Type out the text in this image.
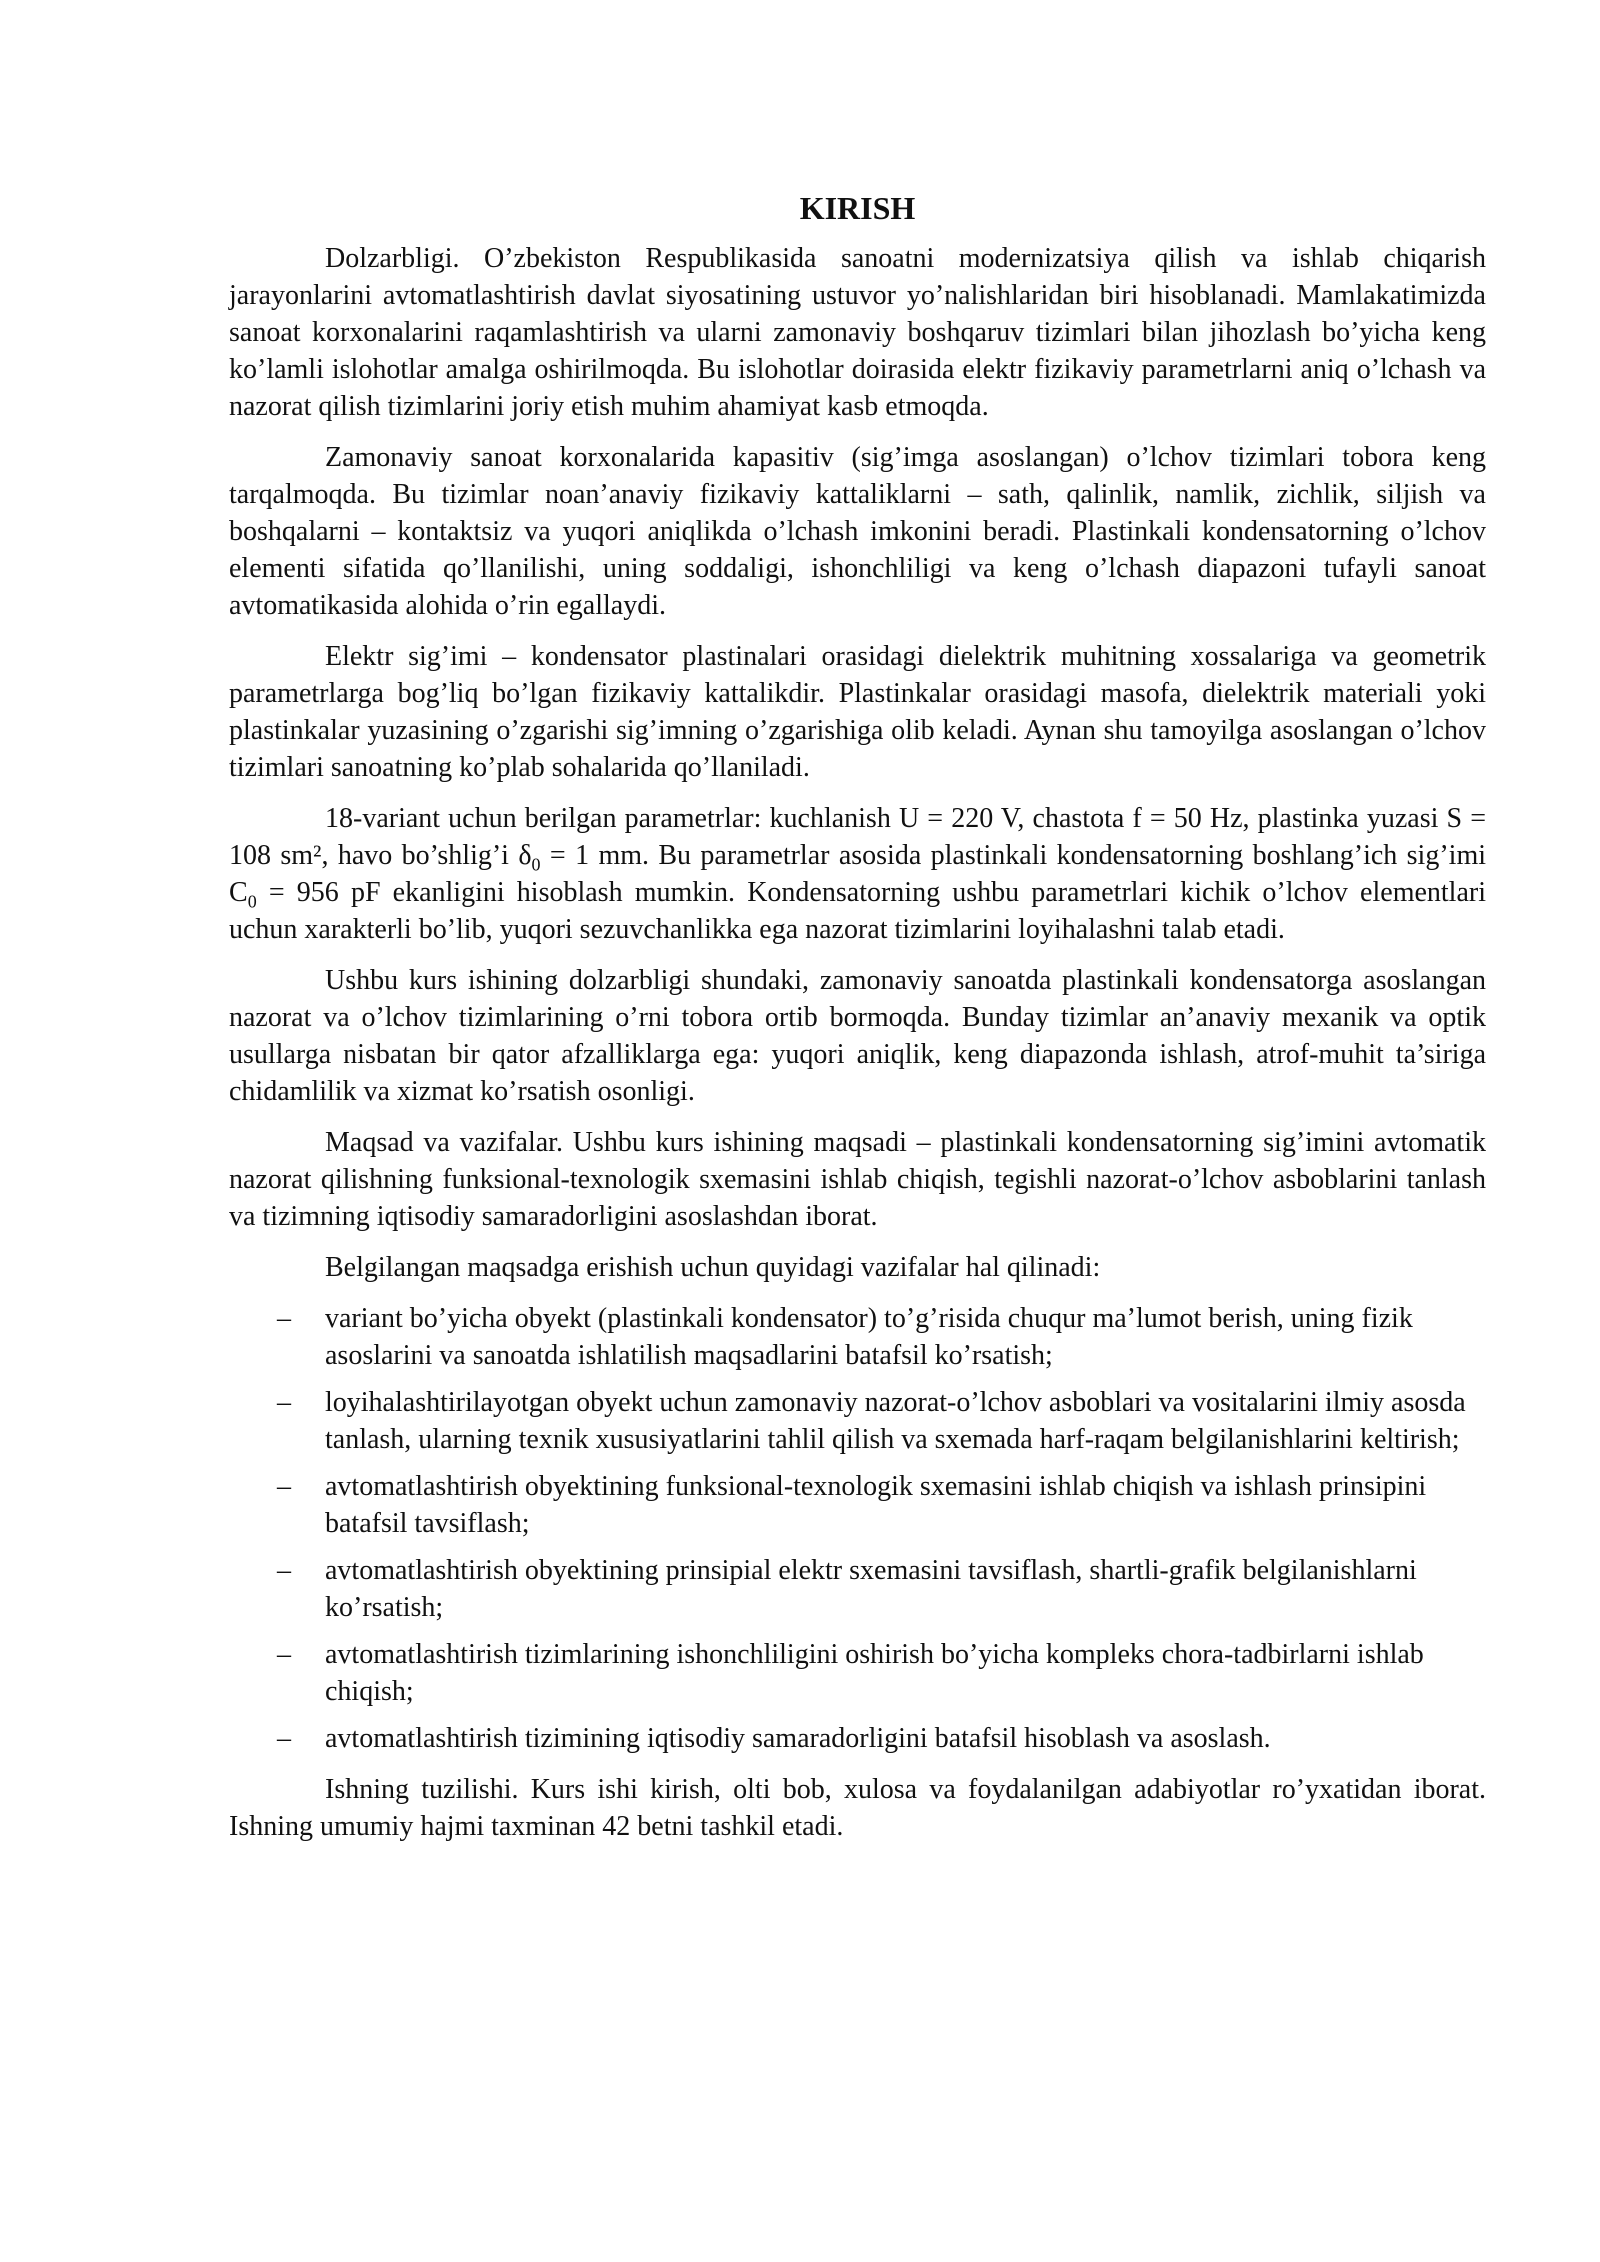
KIRISH

Dolzarbligi. O’zbekiston Respublikasida sanoatni modernizatsiya qilish va ishlab chiqarish jarayonlarini avtomatlashtirish davlat siyosatining ustuvor yo’nalishlaridan biri hisoblanadi. Mamlakatimizda sanoat korxonalarini raqamlashtirish va ularni zamonaviy boshqaruv tizimlari bilan jihozlash bo’yicha keng ko’lamli islohotlar amalga oshirilmoqda. Bu islohotlar doirasida elektr fizikaviy parametrlarni aniq o’lchash va nazorat qilish tizimlarini joriy etish muhim ahamiyat kasb etmoqda.

Zamonaviy sanoat korxonalarida kapasitiv (sig’imga asoslangan) o’lchov tizimlari tobora keng tarqalmoqda. Bu tizimlar noan’anaviy fizikaviy kattaliklarni – sath, qalinlik, namlik, zichlik, siljish va boshqalarni – kontaktsiz va yuqori aniqlikda o’lchash imkonini beradi. Plastinkali kondensatorning o’lchov elementi sifatida qo’llanilishi, uning soddaligi, ishonchliligi va keng o’lchash diapazoni tufayli sanoat avtomatikasida alohida o’rin egallaydi.

Elektr sig’imi – kondensator plastinalari orasidagi dielektrik muhitning xossalariga va geometrik parametrlarga bog’liq bo’lgan fizikaviy kattalikdir. Plastinkalar orasidagi masofa, dielektrik materiali yoki plastinkalar yuzasining o’zgarishi sig’imning o’zgarishiga olib keladi. Aynan shu tamoyilga asoslangan o’lchov tizimlari sanoatning ko’plab sohalarida qo’llaniladi.

18-variant uchun berilgan parametrlar: kuchlanish U = 220 V, chastota f = 50 Hz, plastinka yuzasi S = 108 sm², havo bo’shlig’i $\delta_0 = 1$ mm. Bu parametrlar asosida plastinkali kondensatorning boshlang’ich sig’imi $C_0 = 956$ pF ekanligini hisoblash mumkin. Kondensatorning ushbu parametrlari kichik o’lchov elementlari uchun xarakterli bo’lib, yuqori sezuvchanlikka ega nazorat tizimlarini loyihalashni talab etadi.

Ushbu kurs ishining dolzarbligi shundaki, zamonaviy sanoatda plastinkali kondensatorga asoslangan nazorat va o’lchov tizimlarining o’rni tobora ortib bormoqda. Bunday tizimlar an’anaviy mexanik va optik usullarga nisbatan bir qator afzalliklarga ega: yuqori aniqlik, keng diapazonda ishlash, atrof-muhit ta’siriga chidamlilik va xizmat ko’rsatish osonligi.

Maqsad va vazifalar. Ushbu kurs ishining maqsadi – plastinkali kondensatorning sig’imini avtomatik nazorat qilishning funksional-texnologik sxemasini ishlab chiqish, tegishli nazorat-o’lchov asboblarini tanlash va tizimning iqtisodiy samaradorligini asoslashdan iborat.

Belgilangan maqsadga erishish uchun quyidagi vazifalar hal qilinadi:

–	variant bo’yicha obyekt (plastinkali kondensator) to’g’risida chuqur ma’lumot berish, uning fizik asoslarini va sanoatda ishlatilish maqsadlarini batafsil ko’rsatish;
–	loyihalashtirilayotgan obyekt uchun zamonaviy nazorat-o’lchov asboblari va vositalarini ilmiy asosda tanlash, ularning texnik xususiyatlarini tahlil qilish va sxemada harf-raqam belgilanishlarini keltirish;
–	avtomatlashtirish obyektining funksional-texnologik sxemasini ishlab chiqish va ishlash prinsipini batafsil tavsiflash;
–	avtomatlashtirish obyektining prinsipial elektr sxemasini tavsiflash, shartli-grafik belgilanishlarni ko’rsatish;
–	avtomatlashtirish tizimlarining ishonchliligini oshirish bo’yicha kompleks chora-tadbirlarni ishlab chiqish;
–	avtomatlashtirish tizimining iqtisodiy samaradorligini batafsil hisoblash va asoslash.

Ishning tuzilishi. Kurs ishi kirish, olti bob, xulosa va foydalanilgan adabiyotlar ro’yxatidan iborat. Ishning umumiy hajmi taxminan 42 betni tashkil etadi.
